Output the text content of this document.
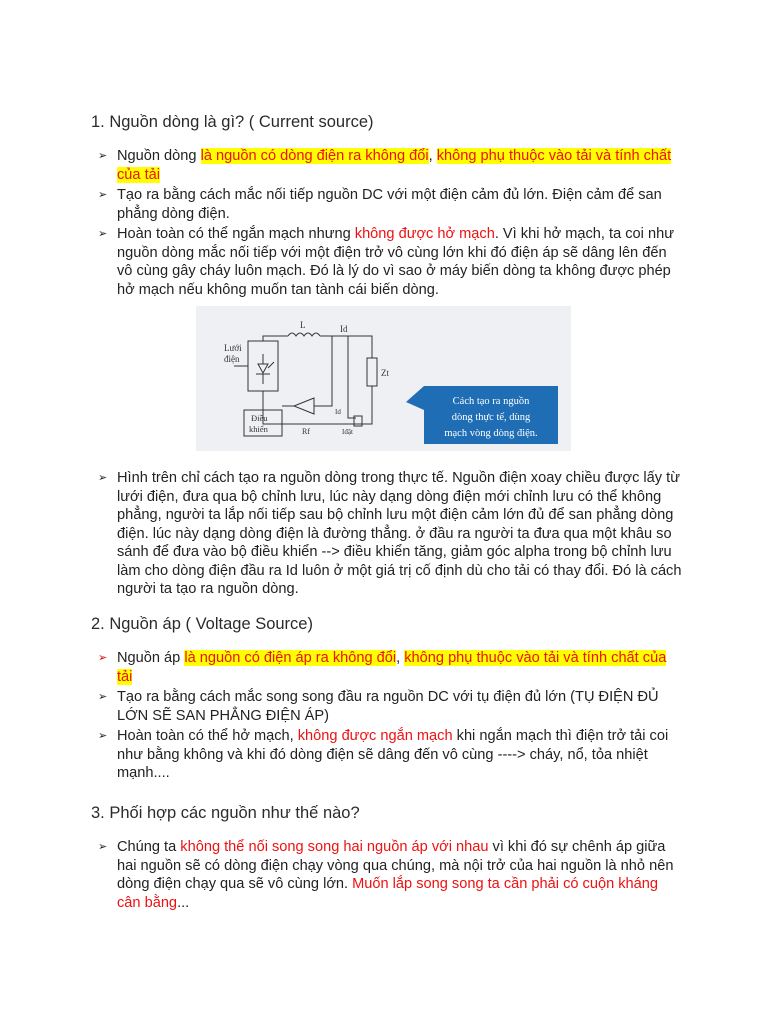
1. Nguồn dòng là gì? ( Current source)
➢ Nguồn dòng là nguồn có dòng điện ra không đổi, không phụ thuộc vào tải và tính chất của tải
➢ Tạo ra bằng cách mắc nối tiếp nguồn DC với một điện cảm đủ lớn. Điện cảm để san phẳng dòng điện.
➢ Hoàn toàn có thể ngắn mạch nhưng không được hở mạch. Vì khi hở mạch, ta coi như nguồn dòng mắc nối tiếp với một điện trở vô cùng lớn khi đó điện áp sẽ dâng lên đến vô cùng gây cháy luôn mạch. Đó là lý do vì sao ở máy biến dòng ta không được phép hở mạch nếu không muốn tan tành cái biến dòng.
Lưới
điện
L	Id
Zt
Điều
khiển	Rf
Id
Iđặt
Cách tạo ra nguồn
dòng thực tế, dùng
mạch vòng dòng điện.
➢ Hình trên chỉ cách tạo ra nguồn dòng trong thực tế. Nguồn điện xoay chiều được lấy từ lưới điện, đưa qua bộ chỉnh lưu, lúc này dạng dòng điện mới chỉnh lưu có thể không phẳng, người ta lắp nối tiếp sau bộ chỉnh lưu một điện cảm lớn đủ để san phẳng dòng điện. lúc này dạng dòng điện là đường thẳng. ở đầu ra người ta đưa qua một khâu so sánh để đưa vào bộ điều khiển --> điều khiển tăng, giảm góc alpha trong bộ chỉnh lưu làm cho dòng điện đầu ra Id luôn ở một giá trị cố định dù cho tải có thay đổi. Đó là cách người ta tạo ra nguồn dòng.
2. Nguồn áp ( Voltage Source)
➢ Nguồn áp là nguồn có điện áp ra không đổi, không phụ thuộc vào tải và tính chất của tải
➢ Tạo ra bằng cách mắc song song đầu ra nguồn DC với tụ điện đủ lớn (TỤ ĐIỆN ĐỦ LỚN SẼ SAN PHẲNG ĐIỆN ÁP)
➢ Hoàn toàn có thể hở mạch, không được ngắn mạch khi ngắn mạch thì điện trở tải coi như bằng không và khi đó dòng điện sẽ dâng đến vô cùng ----> cháy, nổ, tỏa nhiệt mạnh....
3. Phối hợp các nguồn như thế nào?
➢ Chúng ta không thể nối song song hai nguồn áp với nhau vì khi đó sự chênh áp giữa hai nguồn sẽ có dòng điện chạy vòng qua chúng, mà nội trở của hai nguồn là nhỏ nên dòng điện chạy qua sẽ vô cùng lớn. Muốn lắp song song ta cần phải có cuộn kháng cân bằng...
